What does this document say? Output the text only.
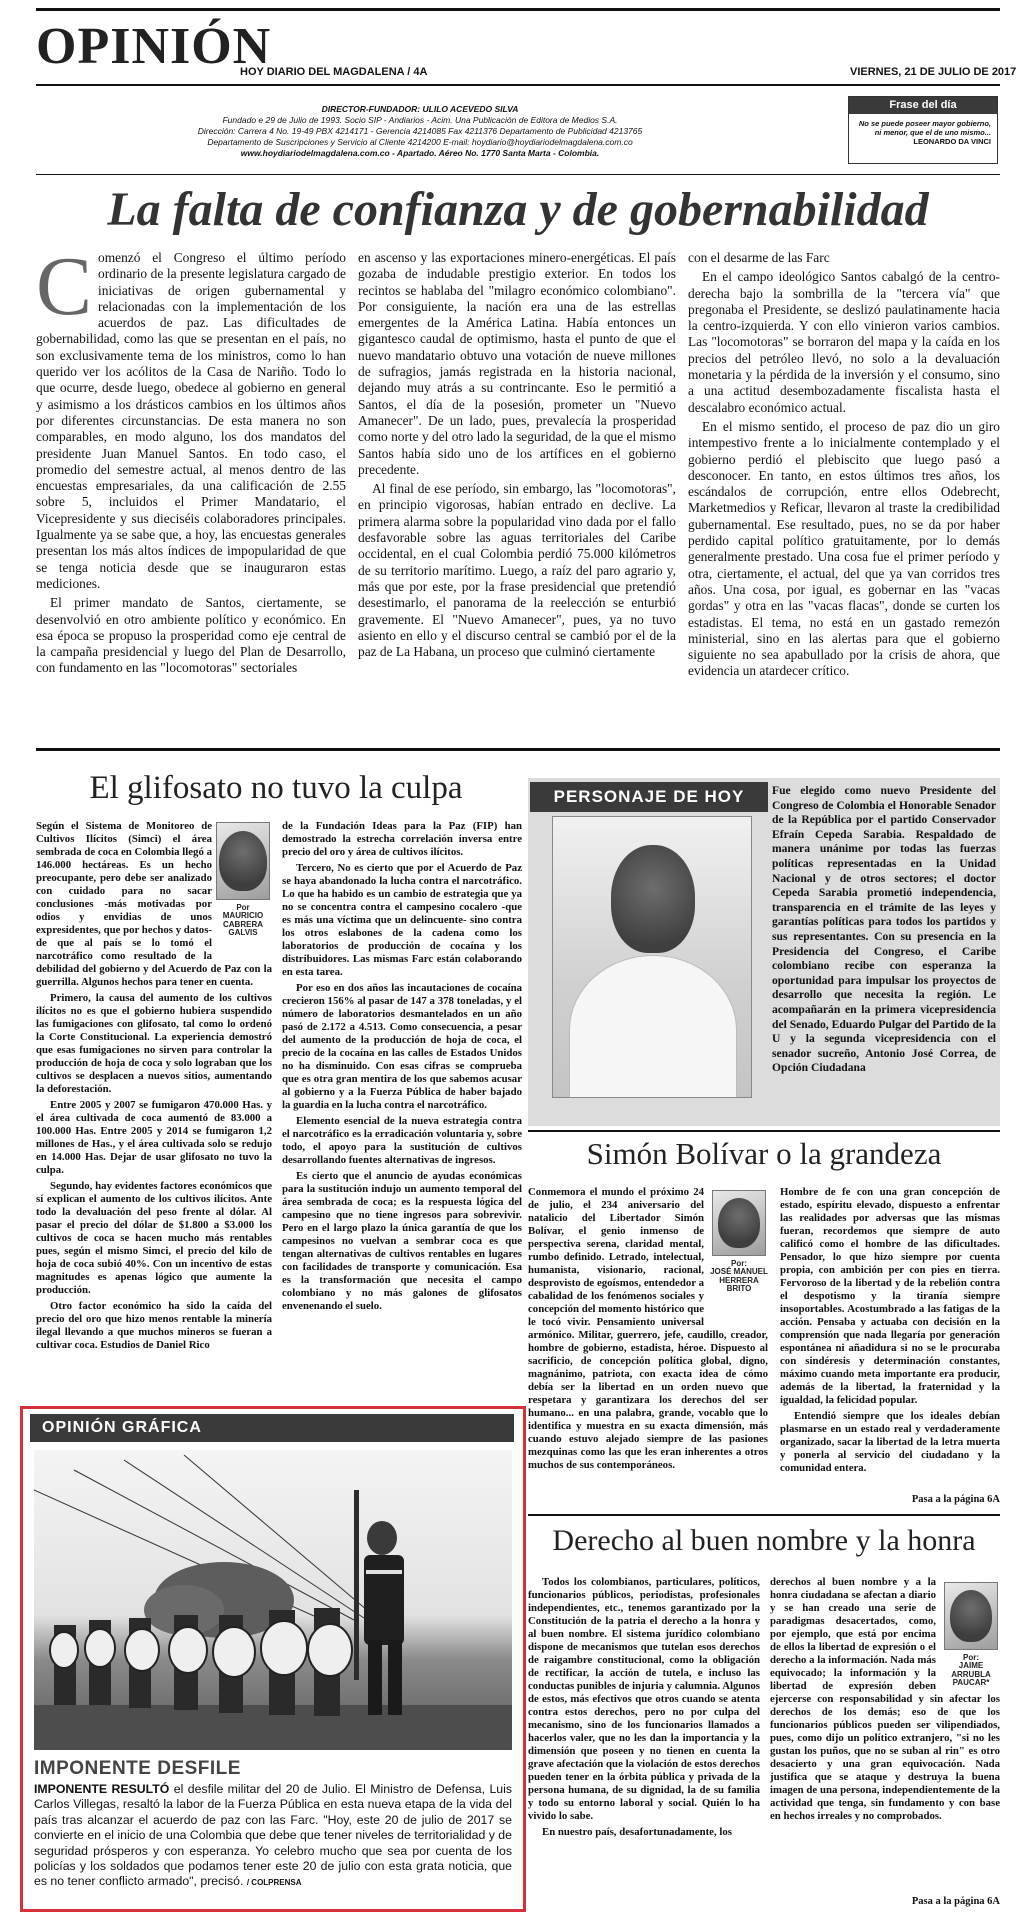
OPINIÓN
HOY DIARIO DEL MAGDALENA / 4A	VIERNES, 21 DE JULIO DE 2017
DIRECTOR-FUNDADOR: ULILO ACEVEDO SILVA
Fundado e 29 de Julio de 1993. Socio SIP - Andiarios - Acim. Una Publicación de Editora de Medios S.A.
Dirección: Carrera 4 No. 19-49 PBX 4214171 - Gerencia 4214085 Fax 4211376 Departamento de Publicidad 4213765
Departamento de Suscripciones y Servicio al Cliente 4214200 E-mail: hoydiario@hoydiariodelmagdalena.com.co
www.hoydiariodelmagdalena.com.co - Apartado. Aéreo No. 1770 Santa Marta - Colombia.
Frase del día
No se puede poseer mayor gobierno, ni menor, que el de uno mismo...
LEONARDO DA VINCI
La falta de confianza y de gobernabilidad
C omenzó el Congreso el último período ordinario de la presente legislatura cargado de iniciativas de origen gubernamental y relacionadas con la implementación de los acuerdos de paz. Las dificultades de gobernabilidad, como las que se presentan en el país, no son exclusivamente tema de los ministros, como lo han querido ver los acólitos de la Casa de Nariño. Todo lo que ocurre, desde luego, obedece al gobierno en general y asimismo a los drásticos cambios en los últimos años por diferentes circunstancias. De esta manera no son comparables, en modo alguno, los dos mandatos del presidente Juan Manuel Santos. En todo caso, el promedio del semestre actual, al menos dentro de las encuestas empresariales, da una calificación de 2.55 sobre 5, incluidos el Primer Mandatario, el Vicepresidente y sus dieciséis colaboradores principales. Igualmente ya se sabe que, a hoy, las encuestas generales presentan los más altos índices de impopularidad de que se tenga noticia desde que se inauguraron estas mediciones.

El primer mandato de Santos, ciertamente, se desenvolvió en otro ambiente político y económico. En esa época se propuso la prosperidad como eje central de la campaña presidencial y luego del Plan de Desarrollo, con fundamento en las "locomotoras" sectoriales

en ascenso y las exportaciones minero-energéticas. El país gozaba de indudable prestigio exterior. En todos los recintos se hablaba del "milagro económico colombiano". Por consiguiente, la nación era una de las estrellas emergentes de la América Latina. Había entonces un gigantesco caudal de optimismo, hasta el punto de que el nuevo mandatario obtuvo una votación de nueve millones de sufragios, jamás registrada en la historia nacional, dejando muy atrás a su contrincante. Eso le permitió a Santos, el día de la posesión, prometer un "Nuevo Amanecer". De un lado, pues, prevalecía la prosperidad como norte y del otro lado la seguridad, de la que el mismo Santos había sido uno de los artífices en el gobierno precedente.

Al final de ese período, sin embargo, las "locomotoras", en principio vigorosas, habían entrado en declive. La primera alarma sobre la popularidad vino dada por el fallo desfavorable sobre las aguas territoriales del Caribe occidental, en el cual Colombia perdió 75.000 kilómetros de su territorio marítimo. Luego, a raíz del paro agrario y, más que por este, por la frase presidencial que pretendió desestimarlo, el panorama de la reelección se enturbió gravemente. El "Nuevo Amanecer", pues, ya no tuvo asiento en ello y el discurso central se cambió por el de la paz de La Habana, un proceso que culminó ciertamente

con el desarme de las Farc

En el campo ideológico Santos cabalgó de la centro-derecha bajo la sombrilla de la "tercera vía" que pregonaba el Presidente, se deslizó paulatinamente hacia la centro-izquierda. Y con ello vinieron varios cambios. Las "locomotoras" se borraron del mapa y la caída en los precios del petróleo llevó, no solo a la devaluación monetaria y la pérdida de la inversión y el consumo, sino a una actitud desembozadamente fiscalista hasta el descalabro económico actual.

En el mismo sentido, el proceso de paz dio un giro intempestivo frente a lo inicialmente contemplado y el gobierno perdió el plebiscito que luego pasó a desconocer. En tanto, en estos últimos tres años, los escándalos de corrupción, entre ellos Odebrecht, Marketmedios y Reficar, llevaron al traste la credibilidad gubernamental. Ese resultado, pues, no se da por haber perdido capital político gratuitamente, por lo demás generalmente prestado. Una cosa fue el primer período y otra, ciertamente, el actual, del que ya van corridos tres años. Una cosa, por igual, es gobernar en las "vacas gordas" y otra en las "vacas flacas", donde se curten los estadistas. El tema, no está en un gastado remezón ministerial, sino en las alertas para que el gobierno siguiente no sea apabullado por la crisis de ahora, que evidencia un atardecer crítico.

El glifosato no tuvo la culpa
Por
MAURICIO CABRERA GALVIS

Según el Sistema de Monitoreo de Cultivos Ilícitos (Simci) el área sembrada de coca en Colombia llegó a 146.000 hectáreas. Es un hecho preocupante, pero debe ser analizado con cuidado para no sacar conclusiones -más motivadas por odios y envidias de unos expresidentes, que por hechos y datos- de que al país se lo tomó el narcotráfico como resultado de la debilidad del gobierno y del Acuerdo de Paz con la guerrilla. Algunos hechos para tener en cuenta.

Primero, la causa del aumento de los cultivos ilícitos no es que el gobierno hubiera suspendido las fumigaciones con glifosato, tal como lo ordenó la Corte Constitucional. La experiencia demostró que esas fumigaciones no sirven para controlar la producción de hoja de coca y solo lograban que los cultivos se desplacen a nuevos sitios, aumentando la deforestación.

Entre 2005 y 2007 se fumigaron 470.000 Has. y el área cultivada de coca aumentó de 83.000 a 100.000 Has. Entre 2005 y 2014 se fumigaron 1,2 millones de Has., y el área cultivada solo se redujo en 14.000 Has. Dejar de usar glifosato no tuvo la culpa.

Segundo, hay evidentes factores económicos que sí explican el aumento de los cultivos ilícitos. Ante todo la devaluación del peso frente al dólar. Al pasar el precio del dólar de $1.800 a $3.000 los cultivos de coca se hacen mucho más rentables pues, según el mismo Simci, el precio del kilo de hoja de coca subió 40%. Con un incentivo de estas magnitudes es apenas lógico que aumente la producción.

Otro factor económico ha sido la caída del precio del oro que hizo menos rentable la minería ilegal llevando a que muchos mineros se fueran a cultivar coca. Estudios de Daniel Rico

de la Fundación Ideas para la Paz (FIP) han demostrado la estrecha correlación inversa entre precio del oro y área de cultivos ilícitos.

Tercero, No es cierto que por el Acuerdo de Paz se haya abandonado la lucha contra el narcotráfico. Lo que ha habido es un cambio de estrategia que ya no se concentra contra el campesino cocalero -que es más una víctima que un delincuente- sino contra los otros eslabones de la cadena como los laboratorios de producción de cocaína y los distribuidores. Las mismas Farc están colaborando en esta tarea.

Por eso en dos años las incautaciones de cocaína crecieron 156% al pasar de 147 a 378 toneladas, y el número de laboratorios desmantelados en un año pasó de 2.172 a 4.513. Como consecuencia, a pesar del aumento de la producción de hoja de coca, el precio de la cocaína en las calles de Estados Unidos no ha disminuido. Con esas cifras se comprueba que es otra gran mentira de los que sabemos acusar al gobierno y a la Fuerza Pública de haber bajado la guardia en la lucha contra el narcotráfico.

Elemento esencial de la nueva estrategia contra el narcotráfico es la erradicación voluntaria y, sobre todo, el apoyo para la sustitución de cultivos desarrollando fuentes alternativas de ingresos.

Es cierto que el anuncio de ayudas económicas para la sustitución indujo un aumento temporal del área sembrada de coca; es la respuesta lógica del campesino que no tiene ingresos para sobrevivir. Pero en el largo plazo la única garantía de que los campesinos no vuelvan a sembrar coca es que tengan alternativas de cultivos rentables en lugares con facilidades de transporte y comunicación. Esa es la transformación que necesita el campo colombiano y no más galones de glifosatos envenenando el suelo.

PERSONAJE DE HOY	Fue elegido como nuevo Presidente del Congreso de Colombia el Honorable Senador de la República por el partido Conservador Efraín Cepeda Sarabia. Respaldado de manera unánime por todas las fuerzas políticas representadas en la Unidad Nacional y de otros sectores; el doctor Cepeda Sarabia prometió independencia, transparencia en el trámite de las leyes y garantías políticas para todos los partidos y sus representantes. Con su presencia en la Presidencia del Congreso, el Caribe colombiano recibe con esperanza la oportunidad para impulsar los proyectos de desarrollo que necesita la región. Le acompañarán en la primera vicepresidencia del Senado, Eduardo Pulgar del Partido de la U y la segunda vicepresidencia con el senador sucreño, Antonio José Correa, de Opción Ciudadana
Simón Bolívar o la grandeza
Por:
JOSÉ MANUEL HERRERA BRITO

Conmemora el mundo el próximo 24 de julio, el 234 aniversario del natalicio del Libertador Simón Bolívar, el genio inmenso de perspectiva serena, claridad mental, rumbo definido. Letrado, intelectual, humanista, visionario, racional, desprovisto de egoísmos, entendedor a cabalidad de los fenómenos sociales y concepción del momento histórico que le tocó vivir. Pensamiento universal armónico. Militar, guerrero, jefe, caudillo, creador, hombre de gobierno, estadista, héroe. Dispuesto al sacrificio, de concepción política global, digno, magnánimo, patriota, con exacta idea de cómo debía ser la libertad en un orden nuevo que respetara y garantizara los derechos del ser humano... en una palabra, grande, vocablo que lo identifica y muestra en su exacta dimensión, más cuando estuvo alejado siempre de las pasiones mezquinas como las que les eran inherentes a otros muchos de sus contemporáneos.

Hombre de fe con una gran concepción de estado, espíritu elevado, dispuesto a enfrentar las realidades por adversas que las mismas fueran, recordemos que siempre de auto calificó como el hombre de las dificultades. Pensador, lo que hizo siempre por cuenta propia, con ambición per con pies en tierra. Fervoroso de la libertad y de la rebelión contra el despotismo y la tiranía siempre insoportables. Acostumbrado a las fatigas de la acción. Pensaba y actuaba con decisión en la comprensión que nada llegaría por generación espontánea ni añadidura si no se le procuraba con sindéresis y determinación constantes, máximo cuando meta importante era producir, además de la libertad, la fraternidad y la igualdad, la felicidad popular.

Entendió siempre que los ideales debían plasmarse en un estado real y verdaderamente organizado, sacar la libertad de la letra muerta y ponerla al servicio del ciudadano y la comunidad entera.

Pasa a la página 6A
OPINIÓN GRÁFICA
IMPONENTE DESFILE
IMPONENTE RESULTÓ el desfile militar del 20 de Julio. El Ministro de Defensa, Luis Carlos Villegas, resaltó la labor de la Fuerza Pública en esta nueva etapa de la vida del país tras alcanzar el acuerdo de paz con las Farc. "Hoy, este 20 de julio de 2017 se convierte en el inicio de una Colombia que debe que tener niveles de territorialidad y de seguridad prósperos y con esperanza. Yo celebro mucho que sea por cuenta de los policías y los soldados que podamos tener este 20 de julio con esta grata noticia, que es no tener conflicto armado", precisó. / COLPRENSA
Derecho al buen nombre y la honra
Por:
JAIME ARRUBLA PAUCAR*

Todos los colombianos, particulares, políticos, funcionarios públicos, periodistas, profesionales independientes, etc., tenemos garantizado por la Constitución de la patria el derecho a la honra y al buen nombre. El sistema jurídico colombiano dispone de mecanismos que tutelan esos derechos de raigambre constitucional, como la obligación de rectificar, la acción de tutela, e incluso las conductas punibles de injuria y calumnia. Algunos de estos, más efectivos que otros cuando se atenta contra estos derechos, pero no por culpa del mecanismo, sino de los funcionarios llamados a hacerlos valer, que no les dan la importancia y la dimensión que poseen y no tienen en cuenta la grave afectación que la violación de estos derechos pueden tener en la órbita pública y privada de la persona humana, de su dignidad, la de su familia y todo su entorno laboral y social. Quién lo ha vivido lo sabe.

En nuestro país, desafortunadamente, los

derechos al buen nombre y a la honra ciudadana se afectan a diario y se han creado una serie de paradigmas desacertados, como, por ejemplo, que está por encima de ellos la libertad de expresión o el derecho a la información. Nada más equivocado; la información y la libertad de expresión deben ejercerse con responsabilidad y sin afectar los derechos de los demás; eso de que los funcionarios públicos pueden ser vilipendiados, pues, como dijo un político extranjero, "si no les gustan los puños, que no se suban al rin" es otro desacierto y una gran equivocación. Nada justifica que se ataque y destruya la buena imagen de una persona, independientemente de la actividad que tenga, sin fundamento y con base en hechos irreales y no comprobados.

Pasa a la página 6A
